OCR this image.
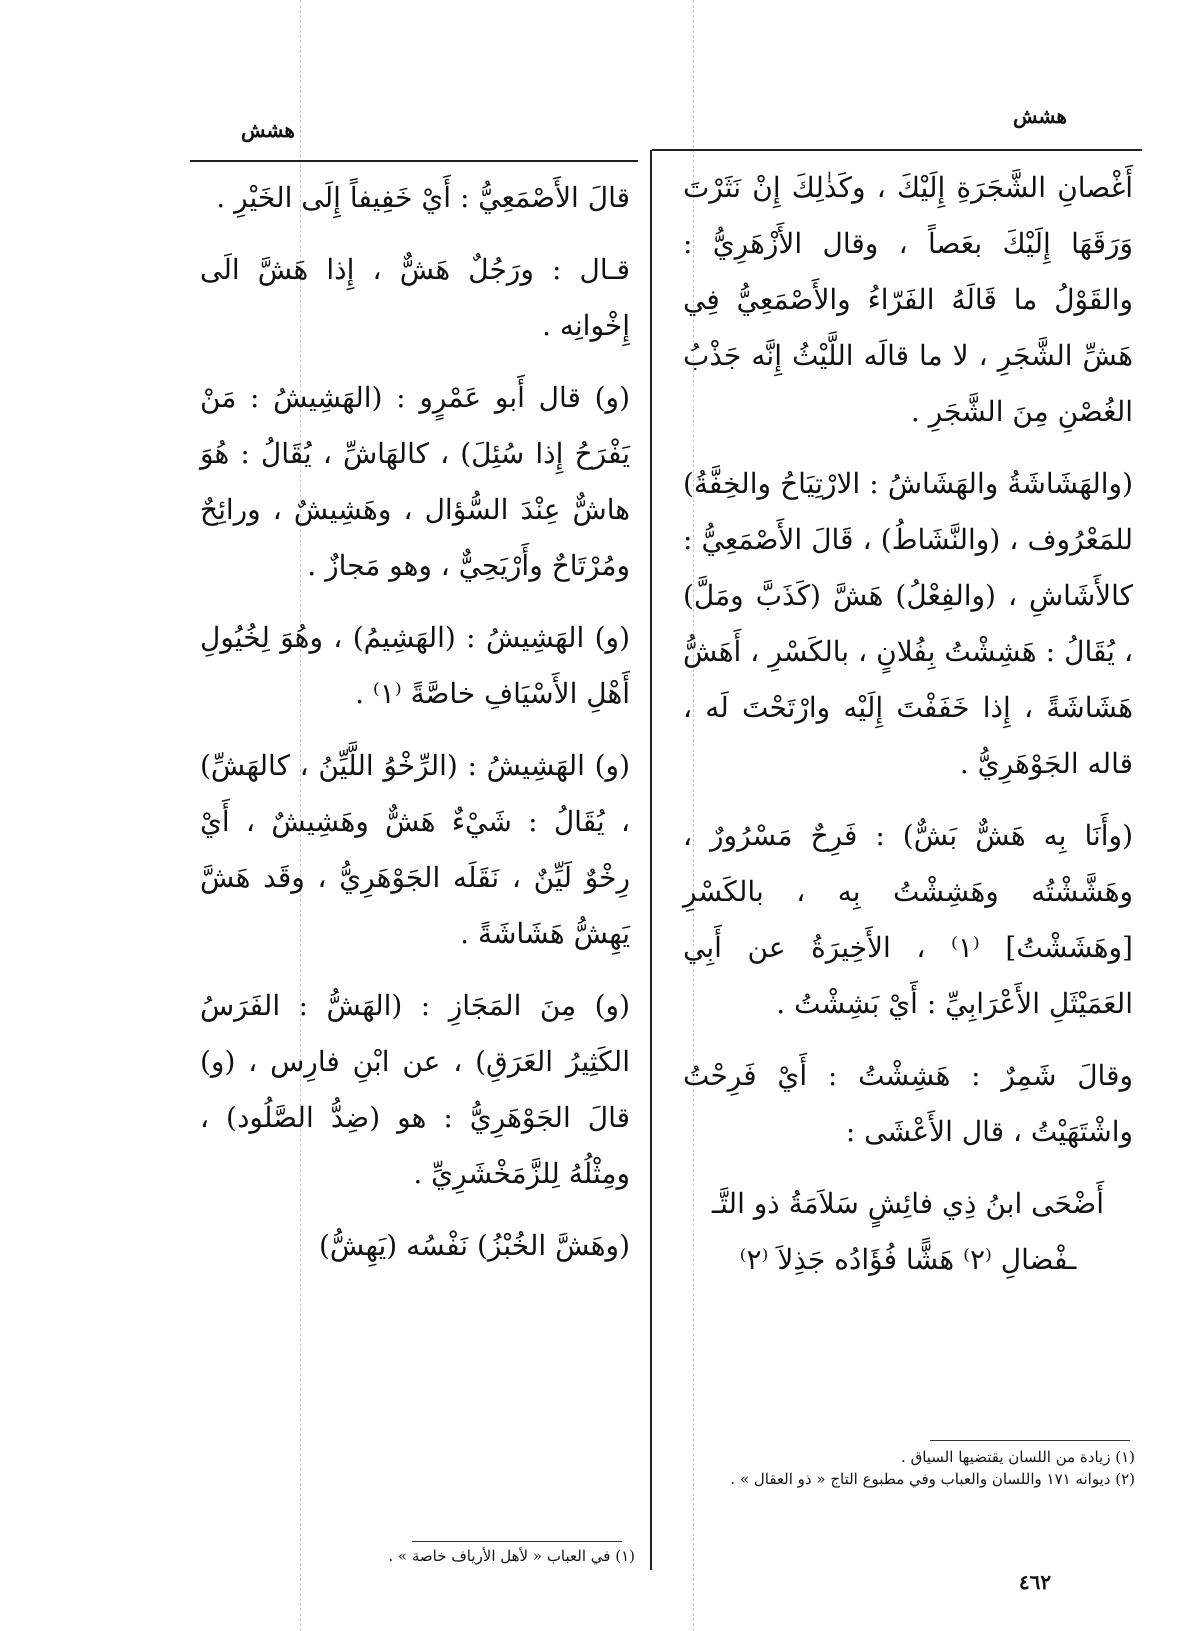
هشش
هشش

أَغْصانِ الشَّجَرَةِ إِلَيْكَ ، وكَذٰلِكَ إِنْ نَثَرْتَ وَرَقَهَا إِلَيْكَ بعَصاً ، وقال الأَزْهَرِيُّ : والقَوْلُ ما قَالَهُ الفَرّاءُ والأَصْمَعِيُّ فِي هَشِّ الشَّجَرِ ، لا ما قالَه اللَّيْثُ إِنَّه جَذْبُ الغُصْنِ مِنَ الشَّجَرِ .

(والهَشَاشَةُ والهَشَاشُ : الارْتِيَاحُ والخِفَّةُ) للمَعْرُوف ، (والنَّشَاطُ) ، قَالَ الأَصْمَعِيُّ : كالأَشَاشِ ، (والفِعْلُ) هَشَّ (كَذَبَّ ومَلَّ) ، يُقَالُ : هَشِشْتُ بِفُلانٍ ، بالكَسْرِ ، أَهَشُّ هَشَاشَةً ، إِذا خَفَفْتَ إِلَيْه وارْتَحْتَ لَه ، قاله الجَوْهَرِيُّ .

(وأَنَا بِه هَشٌّ بَشٌّ) : فَرِحٌ مَسْرُورٌ ، وهَشَّشْتُه وهَشِشْتُ بِه ، بالكَسْرِ [وهَشَشْتُ] ⁽١⁾ ، الأَخِيرَةُ عن أَبِي العَمَيْثَلِ الأَعْرَابِيِّ : أَيْ بَشِشْتُ .

وقالَ شَمِرٌ : هَشِشْتُ : أَيْ فَرِحْتُ واشْتَهَيْتُ ، قال الأَعْشَى :

أَضْحَى ابنُ ذِي فائِشٍ سَلاَمَةُ ذو التَّـ
ـفْضالِ ⁽٢⁾ هَشًّا فُؤَادُه جَذِلاَ ⁽٢⁾

قالَ الأَصْمَعِيُّ : أَيْ خَفِيفاً إِلَى الخَيْرِ .

قـال : ورَجُلٌ هَشٌّ ، إِذا هَشَّ الَى إِخْوانِه .

(و) قال أَبو عَمْرٍو : (الهَشِيشُ : مَنْ يَفْرَحُ إِذا سُئِلَ) ، كالهَاشِّ ، يُقَالُ : هُوَ هاشٌّ عِنْدَ السُّؤال ، وهَشِيشٌ ، ورائِحٌ ومُرْتَاحٌ وأَرْيَحِيٌّ ، وهو مَجازٌ .

(و) الهَشِيشُ : (الهَشِيمُ) ، وهُوَ لِخُيُولِ أَهْلِ الأَسْيَافِ خاصَّةً ⁽١⁾ .

(و) الهَشِيشُ : (الرِّخْوُ اللَّيِّنُ ، كالهَشِّ) ، يُقَالُ : شَيْءٌ هَشٌّ وهَشِيشٌ ، أَيْ رِخْوٌ لَيِّنٌ ، نَقَلَه الجَوْهَرِيُّ ، وقَد هَشَّ يَهِشُّ هَشَاشَةً .

(و) مِنَ المَجَازِ : (الهَشُّ : الفَرَسُ الكَثِيرُ العَرَقِ) ، عن ابْنِ فارِس ، (و) قالَ الجَوْهَرِيُّ : هو (ضِدُّ الصَّلُود) ، ومِثْلُهُ لِلزَّمَخْشَرِيِّ .

(وهَشَّ الخُبْزُ) نَفْسُه (يَهِشُّ)

(١) في العباب « لأهل الأرياف خاصة » .

(١) زيادة من اللسان يقتضيها السياق .

(٢) ديوانه ١٧١ واللسان والعباب وفي مطبوع التاج « ذو العقال » .

٤٦٢
